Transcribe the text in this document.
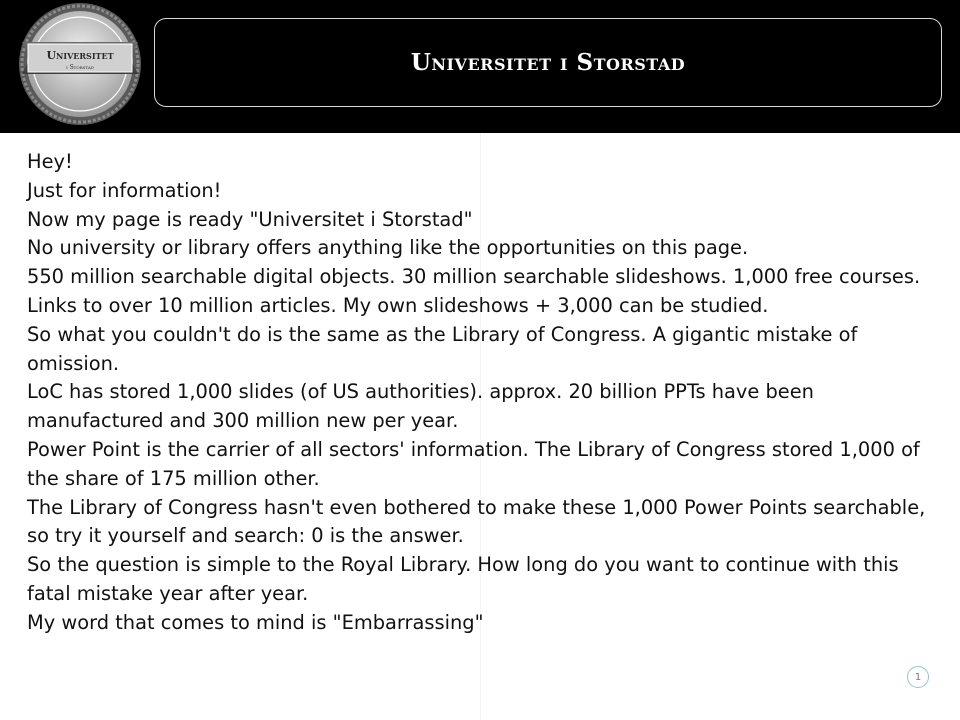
Universitet
i Storstad	Universitet i Storstad

Hey!

Just for information!

Now my page is ready "Universitet i Storstad"

No university or library offers anything like the opportunities on this page.

550 million searchable digital objects. 30 million searchable slideshows. 1,000 free courses.

Links to over 10 million articles. My own slideshows + 3,000 can be studied.

So what you couldn't do is the same as the Library of Congress. A gigantic mistake of omission.

LoC has stored 1,000 slides (of US authorities). approx. 20 billion PPTs have been manufactured and 300 million new per year.

Power Point is the carrier of all sectors' information. The Library of Congress stored 1,000 of the share of 175 million other.

The Library of Congress hasn't even bothered to make these 1,000 Power Points searchable, so try it yourself and search: 0 is the answer.

So the question is simple to the Royal Library. How long do you want to continue with this fatal mistake year after year.

My word that comes to mind is "Embarrassing"

1
